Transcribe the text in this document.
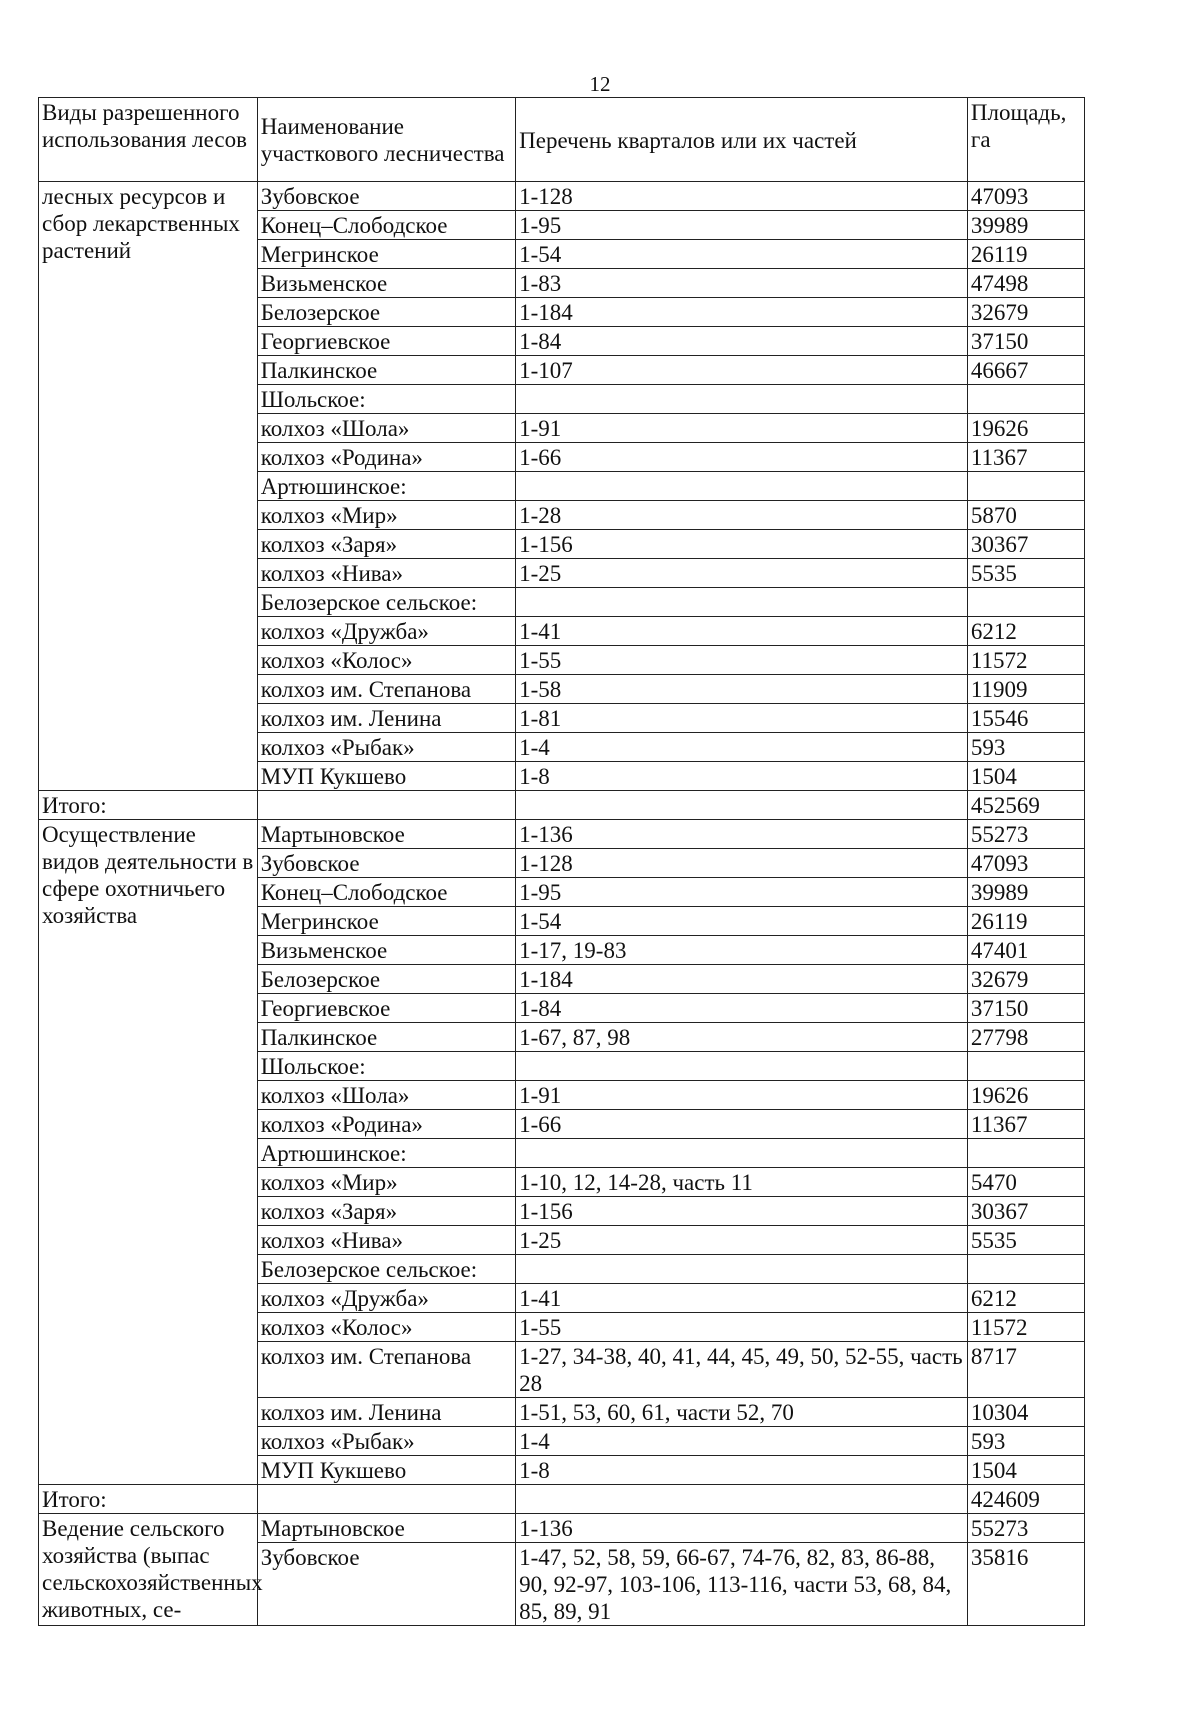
12
Виды разрешенного использования лесов	Наименование участкового лесничества	Перечень кварталов или их частей	Площадь, га
лесных ресурсов и сбор лекарственных растений	Зубовское	1-128	47093
	Конец–Слободское	1-95	39989
	Мегринское	1-54	26119
	Визьменское	1-83	47498
	Белозерское	1-184	32679
	Георгиевское	1-84	37150
	Палкинское	1-107	46667
	Шольское:		
	колхоз «Шола»	1-91	19626
	колхоз «Родина»	1-66	11367
	Артюшинское:		
	колхоз «Мир»	1-28	5870
	колхоз «Заря»	1-156	30367
	колхоз «Нива»	1-25	5535
	Белозерское сельское:		
	колхоз «Дружба»	1-41	6212
	колхоз «Колос»	1-55	11572
	колхоз им. Степанова	1-58	11909
	колхоз им. Ленина	1-81	15546
	колхоз «Рыбак»	1-4	593
	МУП Кукшево	1-8	1504
Итого:			452569
Осуществление видов деятельности в сфере охотничьего хозяйства	Мартыновское	1-136	55273
	Зубовское	1-128	47093
	Конец–Слободское	1-95	39989
	Мегринское	1-54	26119
	Визьменское	1-17, 19-83	47401
	Белозерское	1-184	32679
	Георгиевское	1-84	37150
	Палкинское	1-67, 87, 98	27798
	Шольское:		
	колхоз «Шола»	1-91	19626
	колхоз «Родина»	1-66	11367
	Артюшинское:		
	колхоз «Мир»	1-10, 12, 14-28, часть 11	5470
	колхоз «Заря»	1-156	30367
	колхоз «Нива»	1-25	5535
	Белозерское сельское:		
	колхоз «Дружба»	1-41	6212
	колхоз «Колос»	1-55	11572
	колхоз им. Степанова	1-27, 34-38, 40, 41, 44, 45, 49, 50, 52-55, часть 28	8717
	колхоз им. Ленина	1-51, 53, 60, 61, части 52, 70	10304
	колхоз «Рыбак»	1-4	593
	МУП Кукшево	1-8	1504
Итого:			424609
Ведение сельского хозяйства (выпас сельскохозяйственных животных, се-	Мартыновское	1-136	55273
	Зубовское	1-47, 52, 58, 59, 66-67, 74-76, 82, 83, 86-88, 90, 92-97, 103-106, 113-116, части 53, 68, 84, 85, 89, 91	35816
